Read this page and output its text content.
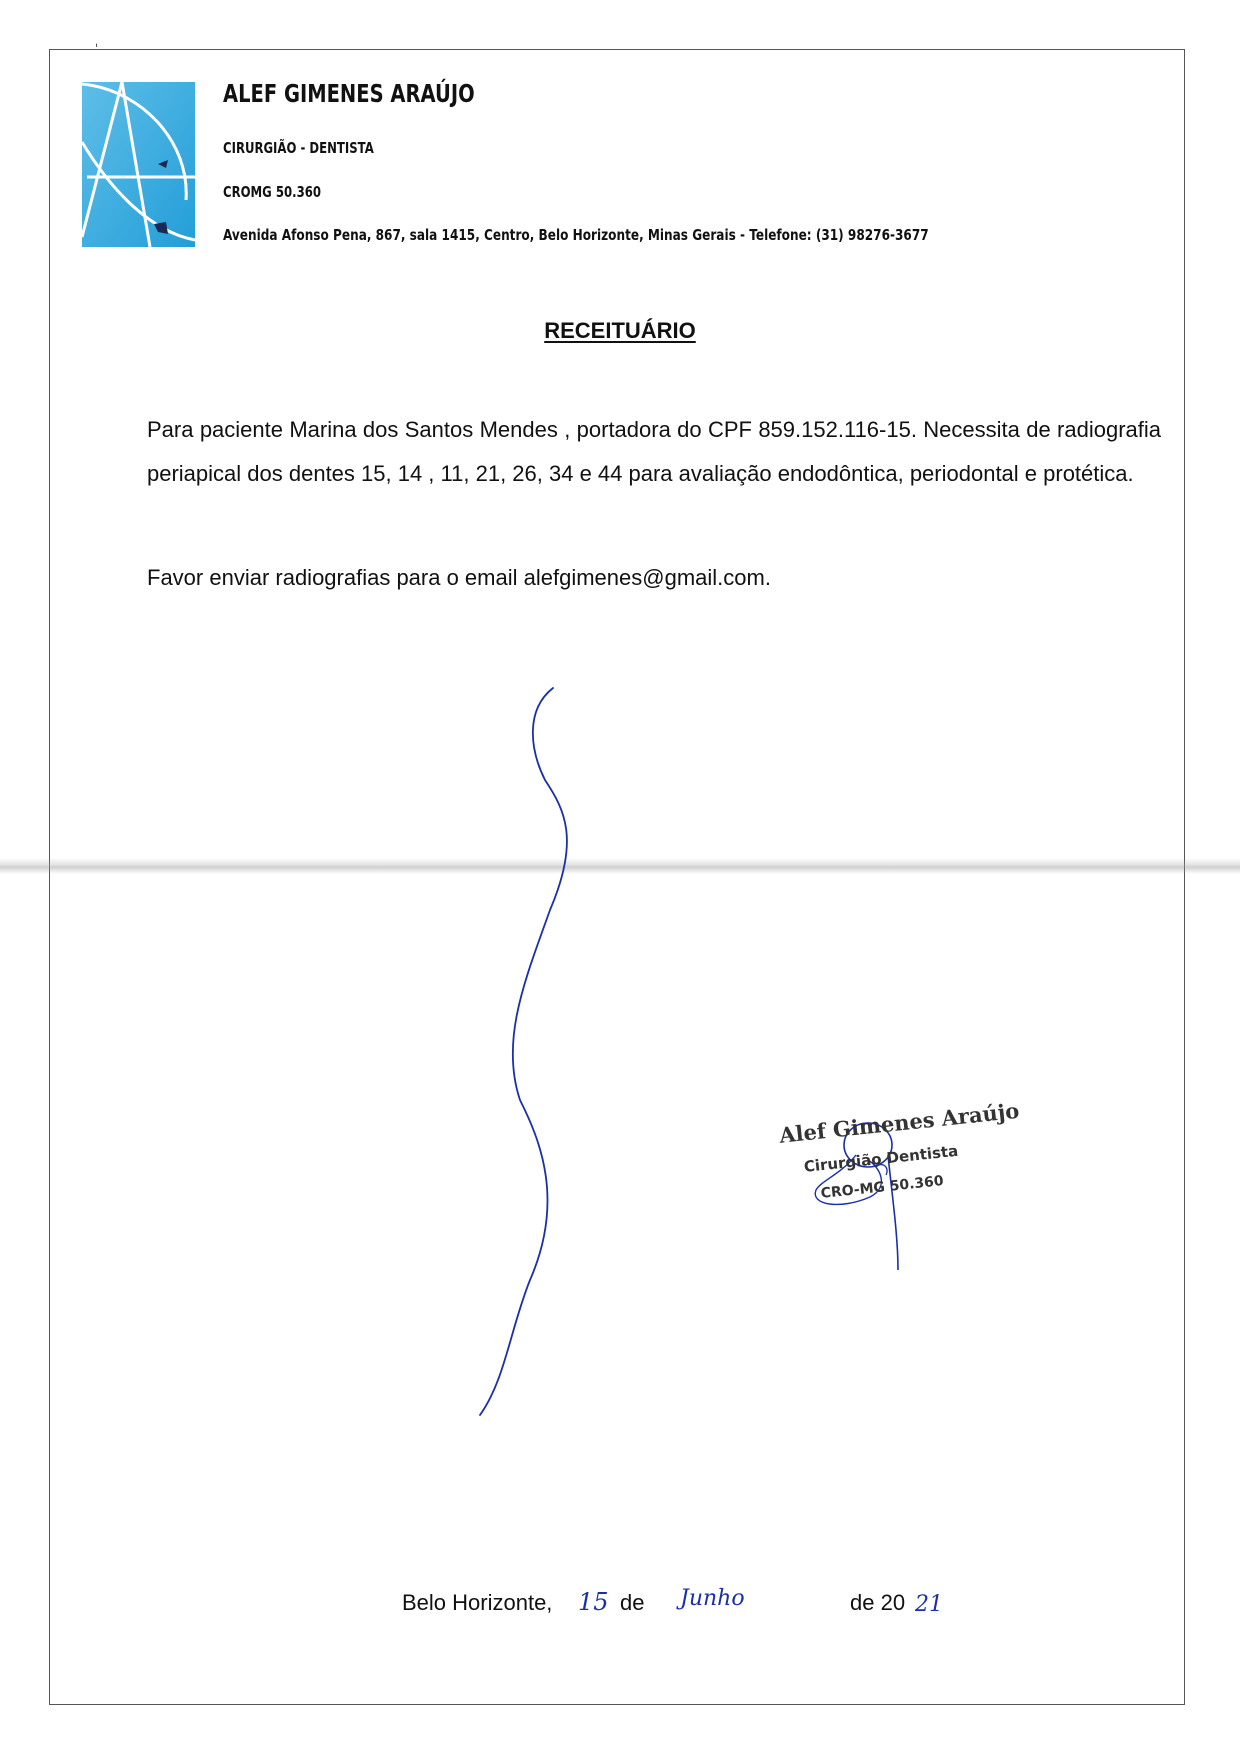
ˌ
ALEF GIMENES ARAÚJO
CIRURGIÃO - DENTISTA
CROMG 50.360
Avenida Afonso Pena, 867, sala 1415, Centro, Belo Horizonte, Minas Gerais - Telefone: (31) 98276-3677
RECEITUÁRIO
Para paciente Marina dos Santos Mendes , portadora do CPF 859.152.116-15. Necessita de radiografia periapical dos dentes 15, 14 , 11, 21, 26, 34 e 44 para avaliação endodôntica, periodontal e protética.
Favor enviar radiografias para o email alefgimenes@gmail.com.
Alef Gimenes Araújo
Cirurgião Dentista
CRO-MG 50.360
Belo Horizonte, 15 de Junho	de 20 21
